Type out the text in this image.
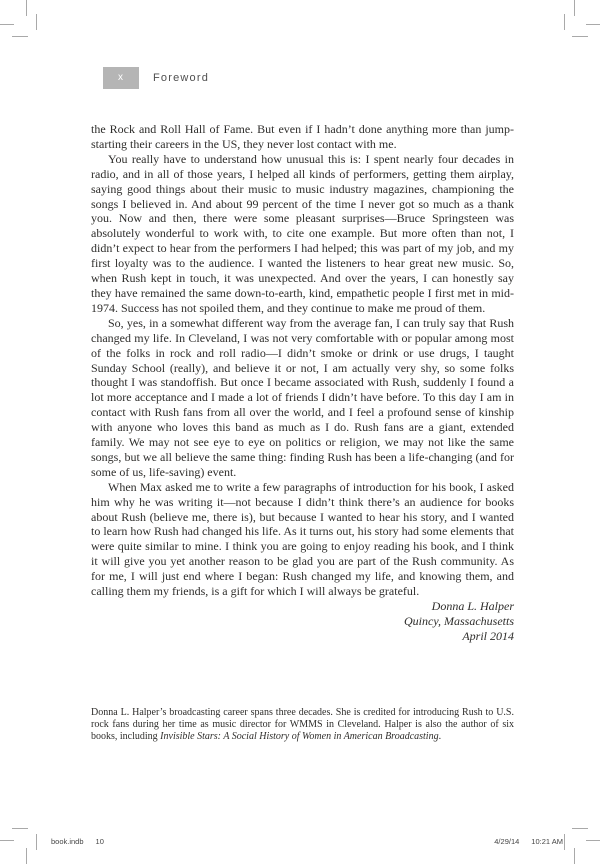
x	Foreword

the Rock and Roll Hall of Fame. But even if I hadn’t done anything more than jump-starting their careers in the US, they never lost contact with me.

You really have to understand how unusual this is: I spent nearly four decades in radio, and in all of those years, I helped all kinds of performers, getting them airplay, saying good things about their music to music industry magazines, championing the songs I believed in. And about 99 percent of the time I never got so much as a thank you. Now and then, there were some pleasant surprises—Bruce Springsteen was absolutely wonderful to work with, to cite one example. But more often than not, I didn’t expect to hear from the performers I had helped; this was part of my job, and my first loyalty was to the audience. I wanted the listeners to hear great new music. So, when Rush kept in touch, it was unexpected. And over the years, I can honestly say they have remained the same down-to-earth, kind, empathetic people I first met in mid-1974. Success has not spoiled them, and they continue to make me proud of them.

So, yes, in a somewhat different way from the average fan, I can truly say that Rush changed my life. In Cleveland, I was not very comfortable with or popular among most of the folks in rock and roll radio—I didn’t smoke or drink or use drugs, I taught Sunday School (really), and believe it or not, I am actually very shy, so some folks thought I was standoffish. But once I became associated with Rush, suddenly I found a lot more acceptance and I made a lot of friends I didn’t have before. To this day I am in contact with Rush fans from all over the world, and I feel a profound sense of kinship with anyone who loves this band as much as I do. Rush fans are a giant, extended family. We may not see eye to eye on politics or religion, we may not like the same songs, but we all believe the same thing: finding Rush has been a life-changing (and for some of us, life-saving) event.

When Max asked me to write a few paragraphs of introduction for his book, I asked him why he was writing it—not because I didn’t think there’s an audience for books about Rush (believe me, there is), but because I wanted to hear his story, and I wanted to learn how Rush had changed his life. As it turns out, his story had some elements that were quite similar to mine. I think you are going to enjoy reading his book, and I think it will give you yet another reason to be glad you are part of the Rush community. As for me, I will just end where I began: Rush changed my life, and knowing them, and calling them my friends, is a gift for which I will always be grateful.

Donna L. Halper
Quincy, Massachusetts
April 2014
Donna L. Halper’s broadcasting career spans three decades. She is credited for introducing Rush to U.S. rock fans during her time as music director for WMMS in Cleveland. Halper is also the author of six books, including Invisible Stars: A Social History of Women in American Broadcasting.
book.indb 10	4/29/14 10:21 AM
